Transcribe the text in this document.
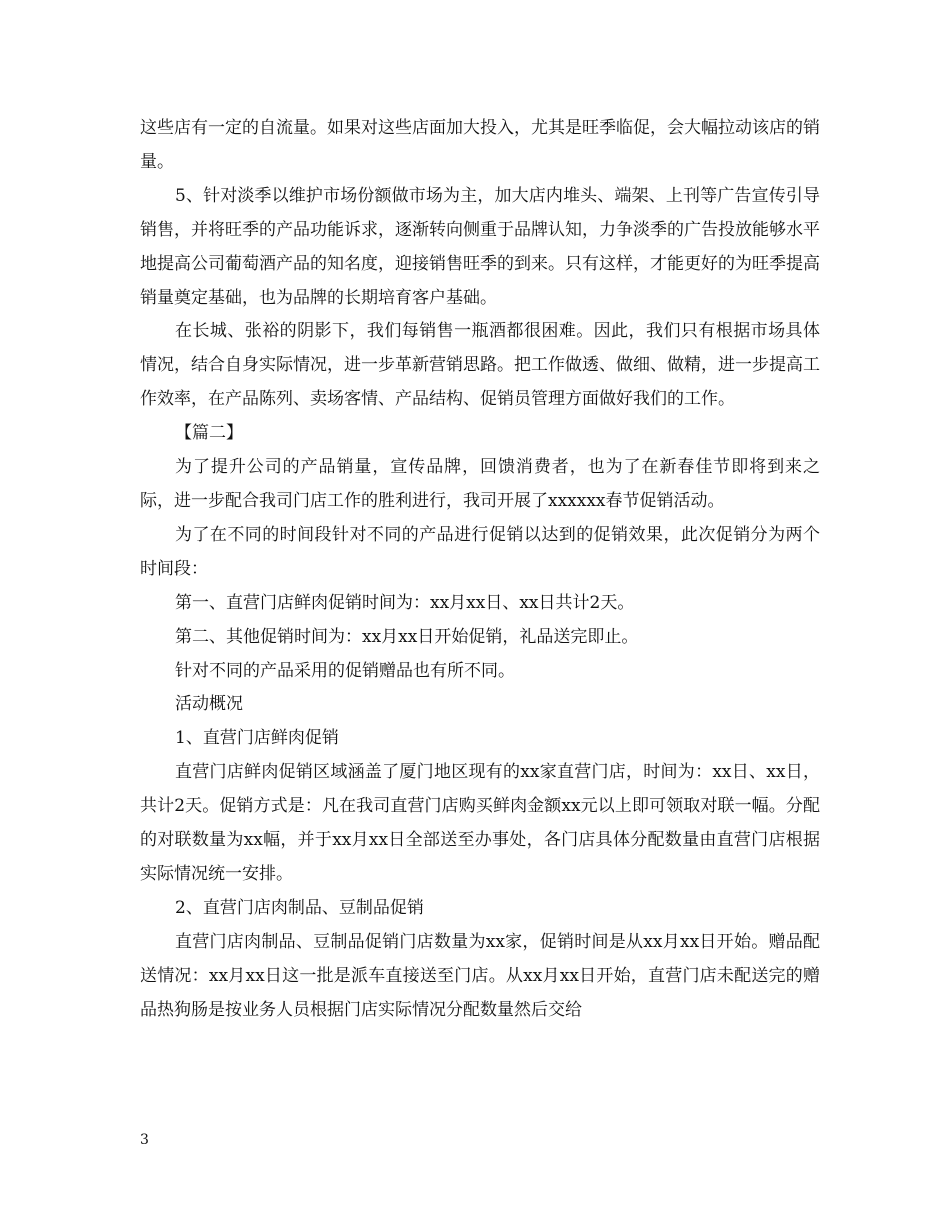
这些店有一定的自流量。如果对这些店面加大投入，尤其是旺季临促，会大幅拉动该店的销量。

5、针对淡季以维护市场份额做市场为主，加大店内堆头、端架、上刊等广告宣传引导销售，并将旺季的产品功能诉求，逐渐转向侧重于品牌认知，力争淡季的广告投放能够水平地提高公司葡萄酒产品的知名度，迎接销售旺季的到来。只有这样，才能更好的为旺季提高销量奠定基础，也为品牌的长期培育客户基础。

在长城、张裕的阴影下，我们每销售一瓶酒都很困难。因此，我们只有根据市场具体情况，结合自身实际情况，进一步革新营销思路。把工作做透、做细、做精，进一步提高工作效率，在产品陈列、卖场客情、产品结构、促销员管理方面做好我们的工作。

【篇二】

为了提升公司的产品销量，宣传品牌，回馈消费者，也为了在新春佳节即将到来之际，进一步配合我司门店工作的胜利进行，我司开展了xxxxxx春节促销活动。

为了在不同的时间段针对不同的产品进行促销以达到的促销效果，此次促销分为两个时间段：

第一、直营门店鲜肉促销时间为：xx月xx日、xx日共计2天。

第二、其他促销时间为：xx月xx日开始促销，礼品送完即止。

针对不同的产品采用的促销赠品也有所不同。

活动概况

1、直营门店鲜肉促销

直营门店鲜肉促销区域涵盖了厦门地区现有的xx家直营门店，时间为：xx日、xx日，共计2天。促销方式是：凡在我司直营门店购买鲜肉金额xx元以上即可领取对联一幅。分配的对联数量为xx幅，并于xx月xx日全部送至办事处，各门店具体分配数量由直营门店根据实际情况统一安排。

2、直营门店肉制品、豆制品促销

直营门店肉制品、豆制品促销门店数量为xx家，促销时间是从xx月xx日开始。赠品配送情况：xx月xx日这一批是派车直接送至门店。从xx月xx日开始，直营门店未配送完的赠品热狗肠是按业务人员根据门店实际情况分配数量然后交给

3
